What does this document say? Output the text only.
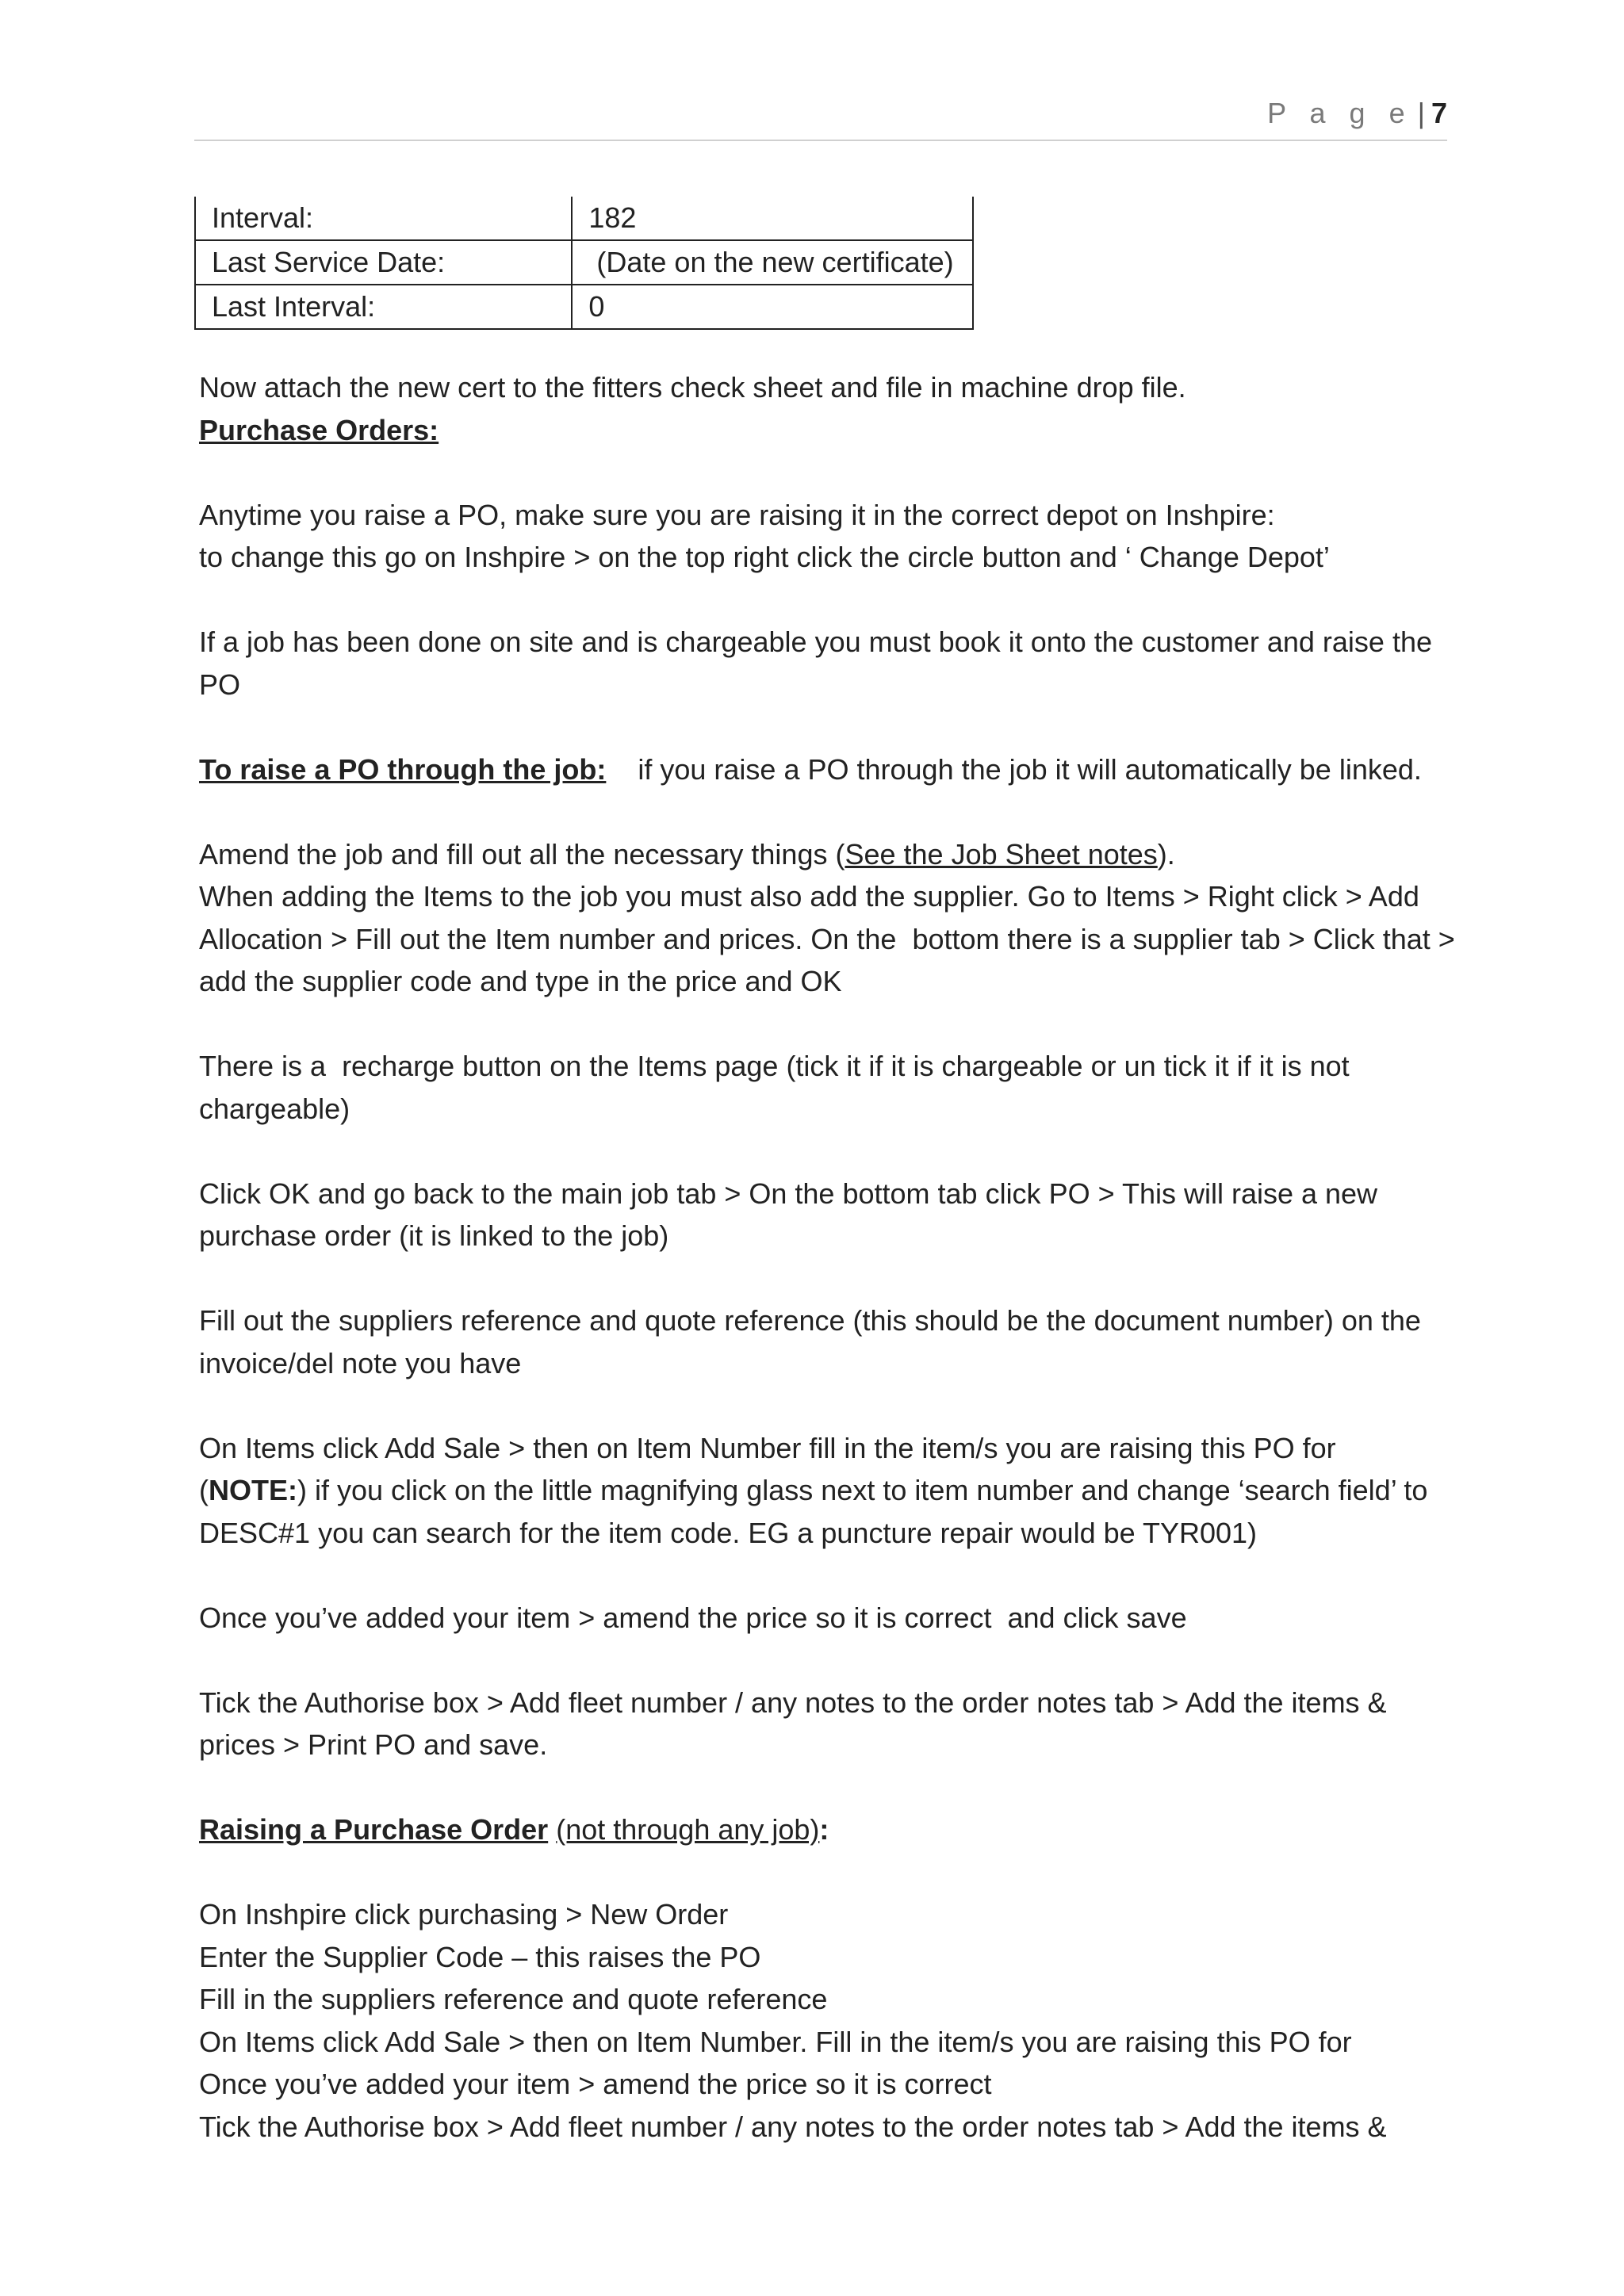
P a g e | 7
Interval:	182
Last Service Date:	(Date on the new certificate)
Last Interval:	0

Now attach the new cert to the fitters check sheet and file in machine drop file.

Purchase Orders:

Anytime you raise a PO, make sure you are raising it in the correct depot on Inshpire:

to change this go on Inshpire > on the top right click the circle button and ‘ Change Depot’

If a job has been done on site and is chargeable you must book it onto the customer and raise the PO

To raise a PO through the job: if you raise a PO through the job it will automatically be linked.

Amend the job and fill out all the necessary things (See the Job Sheet notes).

When adding the Items to the job you must also add the supplier. Go to Items > Right click > Add

Allocation > Fill out the Item number and prices. On the  bottom there is a supplier tab > Click that >

add the supplier code and type in the price and OK

There is a  recharge button on the Items page (tick it if it is chargeable or un tick it if it is not

chargeable)

Click OK and go back to the main job tab > On the bottom tab click PO > This will raise a new

purchase order (it is linked to the job)

Fill out the suppliers reference and quote reference (this should be the document number) on the

invoice/del note you have

On Items click Add Sale > then on Item Number fill in the item/s you are raising this PO for

(NOTE:) if you click on the little magnifying glass next to item number and change ‘search field’ to

DESC#1 you can search for the item code. EG a puncture repair would be TYR001)

Once you’ve added your item > amend the price so it is correct  and click save

Tick the Authorise box > Add fleet number / any notes to the order notes tab > Add the items &

prices > Print PO and save.

Raising a Purchase Order (not through any job):

On Inshpire click purchasing > New Order

Enter the Supplier Code – this raises the PO

Fill in the suppliers reference and quote reference

On Items click Add Sale > then on Item Number. Fill in the item/s you are raising this PO for

Once you’ve added your item > amend the price so it is correct

Tick the Authorise box > Add fleet number / any notes to the order notes tab > Add the items &
